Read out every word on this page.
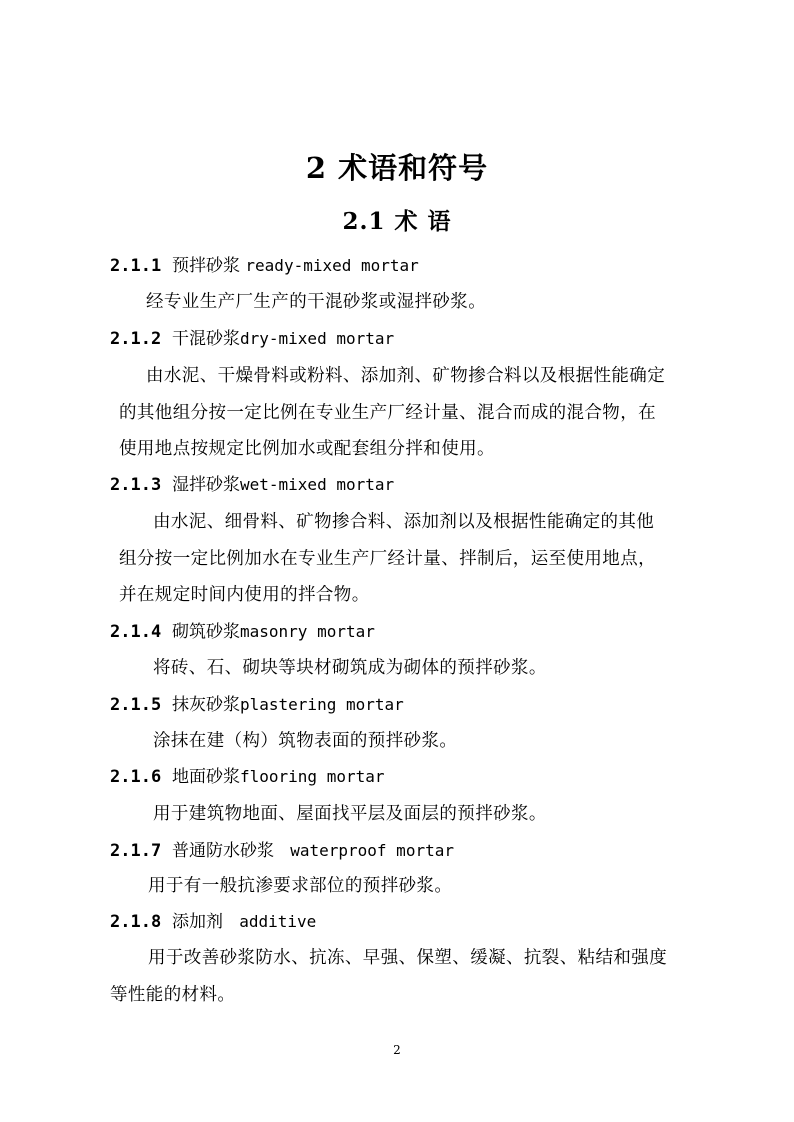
2 术语和符号
2.1 术 语
2.1.1 预拌砂浆 ready-mixed mortar
经专业生产厂生产的干混砂浆或湿拌砂浆。
2.1.2 干混砂浆dry-mixed mortar
由水泥、干燥骨料或粉料、添加剂、矿物掺合料以及根据性能确定
的其他组分按一定比例在专业生产厂经计量、混合而成的混合物，在
使用地点按规定比例加水或配套组分拌和使用。
2.1.3 湿拌砂浆wet-mixed mortar
由水泥、细骨料、矿物掺合料、添加剂以及根据性能确定的其他
组分按一定比例加水在专业生产厂经计量、拌制后，运至使用地点，
并在规定时间内使用的拌合物。
2.1.4 砌筑砂浆masonry mortar
将砖、石、砌块等块材砌筑成为砌体的预拌砂浆。
2.1.5 抹灰砂浆plastering mortar
涂抹在建（构）筑物表面的预拌砂浆。
2.1.6 地面砂浆flooring mortar
用于建筑物地面、屋面找平层及面层的预拌砂浆。
2.1.7 普通防水砂浆 waterproof mortar
用于有一般抗渗要求部位的预拌砂浆。
2.1.8 添加剂 additive
用于改善砂浆防水、抗冻、早强、保塑、缓凝、抗裂、粘结和强度
等性能的材料。
2
